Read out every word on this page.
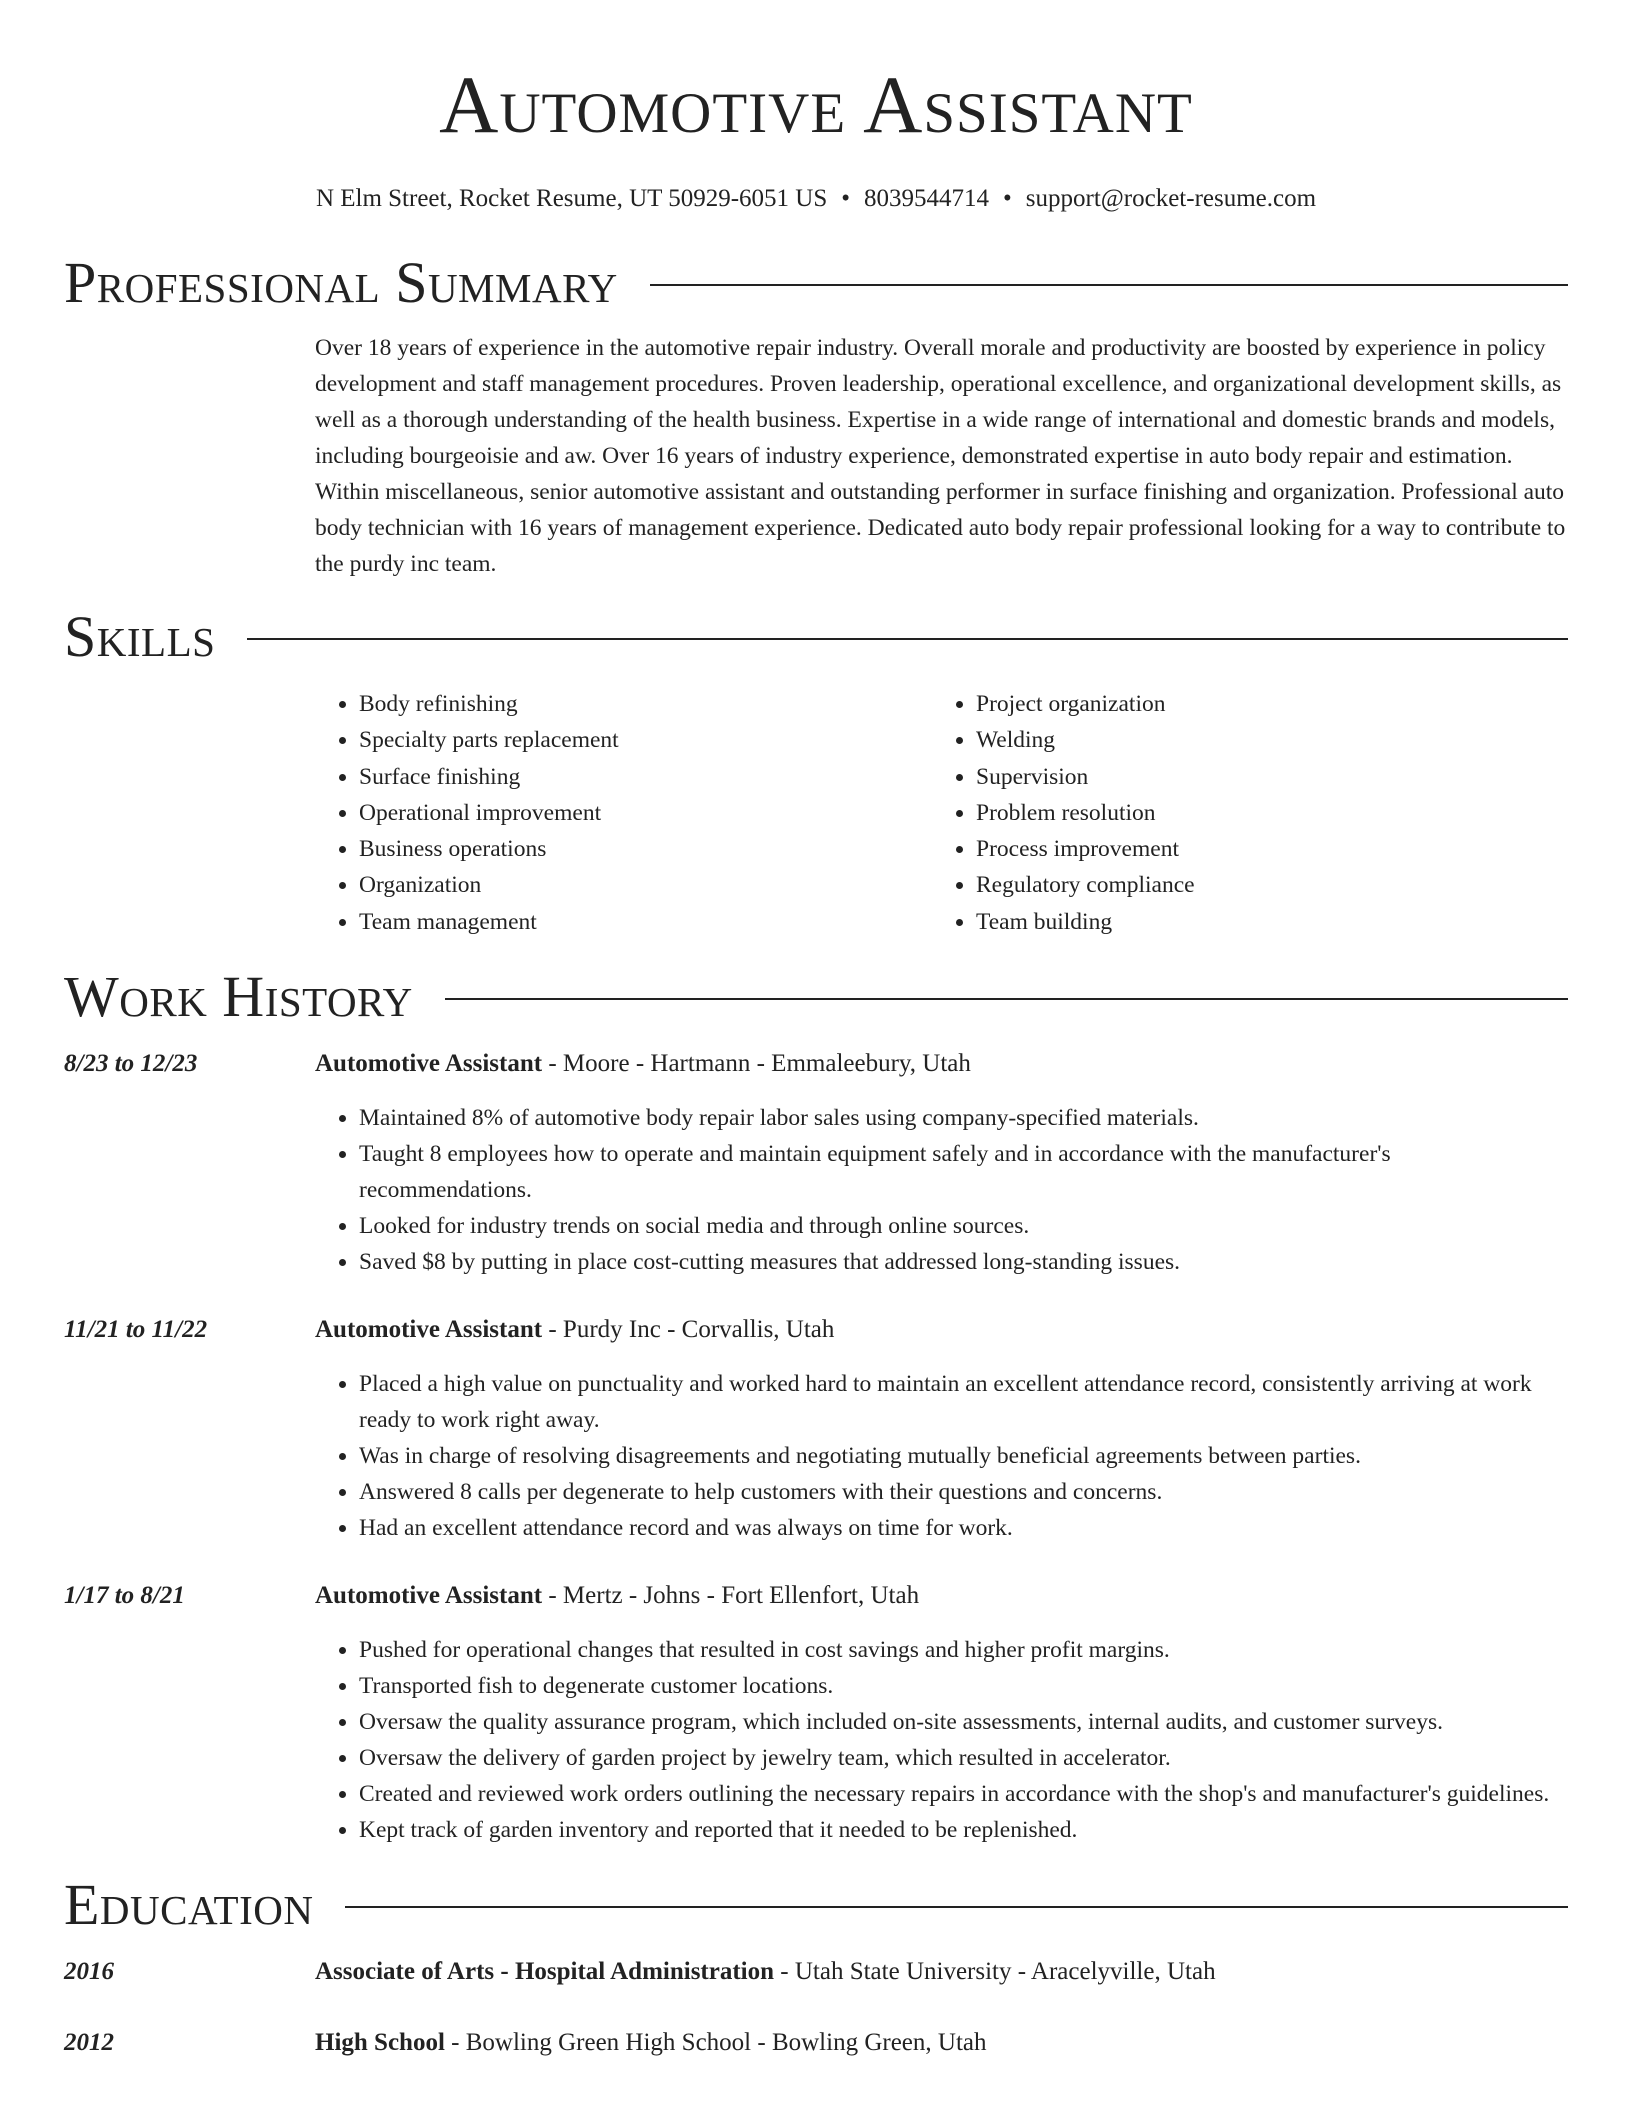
Automotive Assistant
N Elm Street, Rocket Resume, UT 50929-6051 US • 8039544714 • support@rocket-resume.com
Professional Summary

Over 18 years of experience in the automotive repair industry. Overall morale and productivity are boosted by experience in policy development and staff management procedures. Proven leadership, operational excellence, and organizational development skills, as well as a thorough understanding of the health business. Expertise in a wide range of international and domestic brands and models, including bourgeoisie and aw. Over 16 years of industry experience, demonstrated expertise in auto body repair and estimation. Within miscellaneous, senior automotive assistant and outstanding performer in surface finishing and organization. Professional auto body technician with 16 years of management experience. Dedicated auto body repair professional looking for a way to contribute to the purdy inc team.

Skills
• Body refinishing
• Specialty parts replacement
• Surface finishing
• Operational improvement
• Business operations
• Organization
• Team management
• Project organization
• Welding
• Supervision
• Problem resolution
• Process improvement
• Regulatory compliance
• Team building
Work History
8/23 to 12/23	Automotive Assistant - Moore - Hartmann - Emmaleebury, Utah
• Maintained 8% of automotive body repair labor sales using company-specified materials.
• Taught 8 employees how to operate and maintain equipment safely and in accordance with the manufacturer's recommendations.
• Looked for industry trends on social media and through online sources.
• Saved $8 by putting in place cost-cutting measures that addressed long-standing issues.
11/21 to 11/22	Automotive Assistant - Purdy Inc - Corvallis, Utah
• Placed a high value on punctuality and worked hard to maintain an excellent attendance record, consistently arriving at work ready to work right away.
• Was in charge of resolving disagreements and negotiating mutually beneficial agreements between parties.
• Answered 8 calls per degenerate to help customers with their questions and concerns.
• Had an excellent attendance record and was always on time for work.
1/17 to 8/21	Automotive Assistant - Mertz - Johns - Fort Ellenfort, Utah
• Pushed for operational changes that resulted in cost savings and higher profit margins.
• Transported fish to degenerate customer locations.
• Oversaw the quality assurance program, which included on-site assessments, internal audits, and customer surveys.
• Oversaw the delivery of garden project by jewelry team, which resulted in accelerator.
• Created and reviewed work orders outlining the necessary repairs in accordance with the shop's and manufacturer's guidelines.
• Kept track of garden inventory and reported that it needed to be replenished.
Education
2016	Associate of Arts - Hospital Administration - Utah State University - Aracelyville, Utah
2012	High School - Bowling Green High School - Bowling Green, Utah
